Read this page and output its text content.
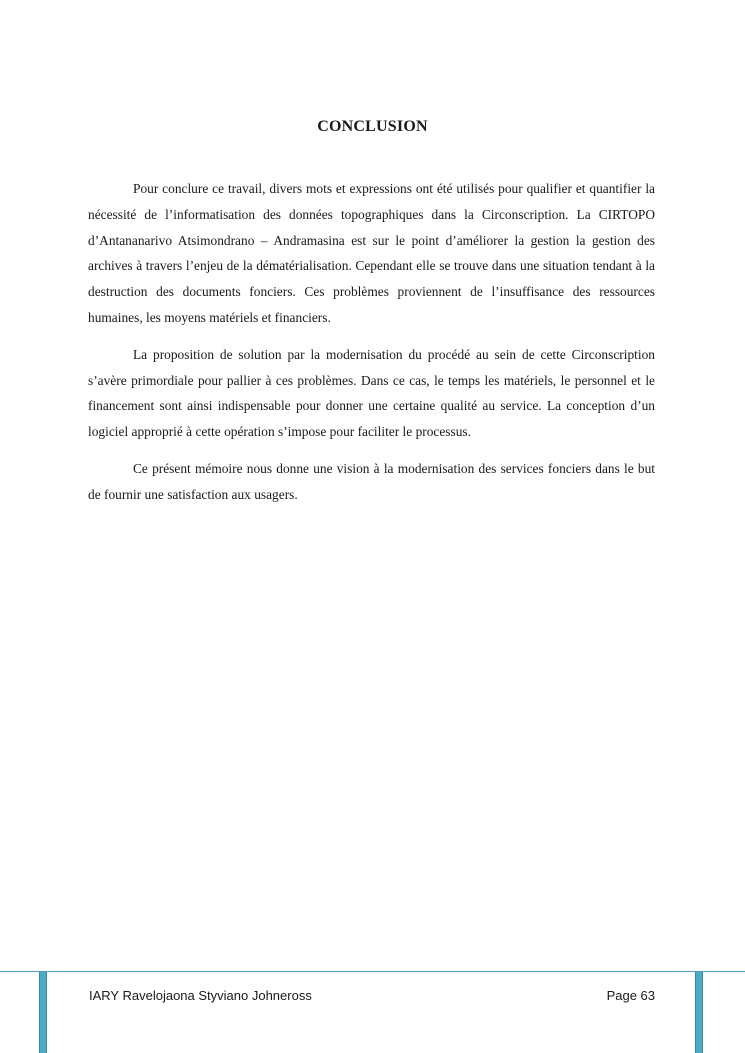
CONCLUSION

Pour conclure ce travail, divers mots et expressions ont été utilisés pour qualifier et quantifier la nécessité de l’informatisation des données topographiques dans la Circonscription. La CIRTOPO d’Antananarivo Atsimondrano – Andramasina est sur le point d’améliorer la gestion la gestion des archives à travers l’enjeu de la dématérialisation. Cependant elle se trouve dans une situation tendant à la destruction des documents fonciers. Ces problèmes proviennent de l’insuffisance des ressources humaines, les moyens matériels et financiers.

La proposition de solution par la modernisation du procédé au sein de cette Circonscription s’avère primordiale pour pallier à ces problèmes. Dans ce cas, le temps les matériels, le personnel et le financement sont ainsi indispensable pour donner une certaine qualité au service. La conception d’un logiciel approprié à cette opération s’impose pour faciliter le processus.

Ce présent mémoire nous donne une vision à la modernisation des services fonciers dans le but de fournir une satisfaction aux usagers.

IARY Ravelojaona Styviano Johneross	Page 63
